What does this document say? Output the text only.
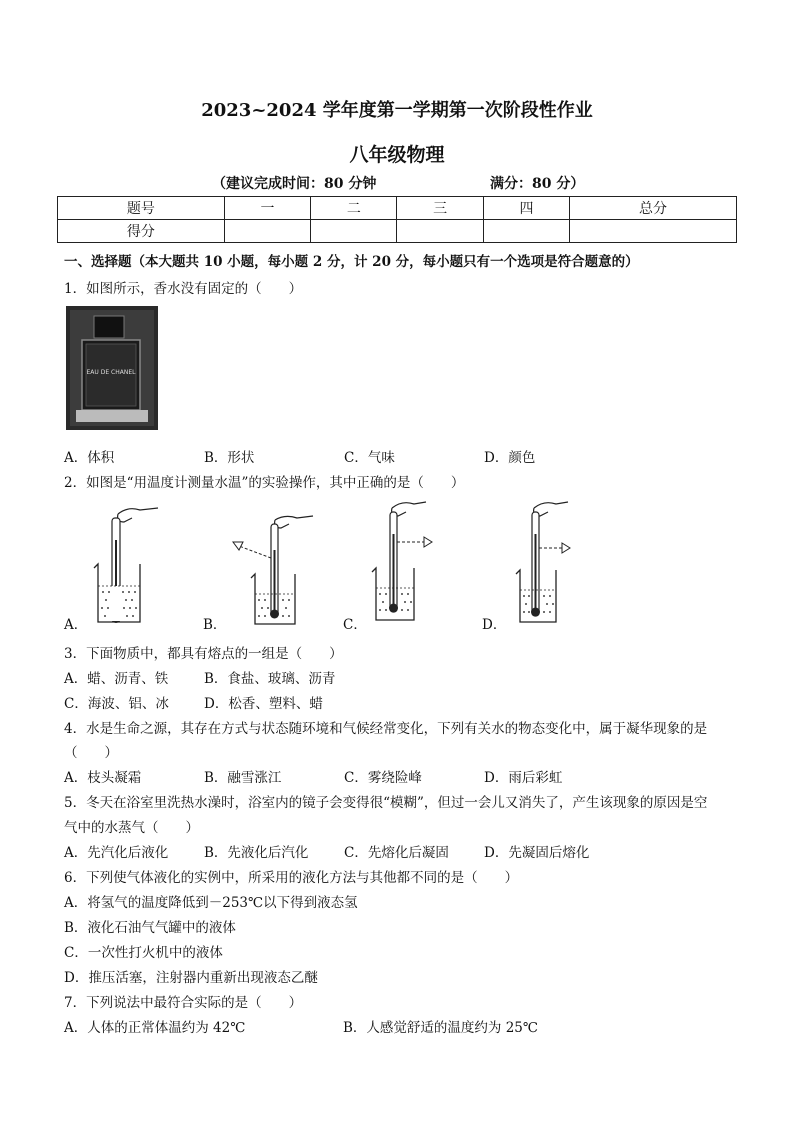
2023~2024 学年度第一学期第一次阶段性作业
八年级物理
（建议完成时间：80 分钟	满分：80 分）
题号	一	二	三	四	总分
得分					
一、选择题（本大题共 10 小题，每小题 2 分，计 20 分，每小题只有一个选项是符合题意的）
1．如图所示，香水没有固定的（　　）
EAU DE CHANEL
A．体积	B．形状	C．气味	D．颜色
2．如图是“用温度计测量水温”的实验操作，其中正确的是（　　）
A．	B．	C．	D．
3．下面物质中，都具有熔点的一组是（　　）
A．蜡、沥青、铁	B．食盐、玻璃、沥青
C．海波、铝、冰	D．松香、塑料、蜡
4．水是生命之源，其存在方式与状态随环境和气候经常变化，下列有关水的物态变化中，属于凝华现象的是
（　　）
A．枝头凝霜	B．融雪涨江	C．雾绕险峰	D．雨后彩虹
5．冬天在浴室里洗热水澡时，浴室内的镜子会变得很“模糊”，但过一会儿又消失了，产生该现象的原因是空
气中的水蒸气（　　）
A．先汽化后液化	B．先液化后汽化	C．先熔化后凝固	D．先凝固后熔化
6．下列使气体液化的实例中，所采用的液化方法与其他都不同的是（　　）
A．将氢气的温度降低到－253℃以下得到液态氢
B．液化石油气气罐中的液体
C．一次性打火机中的液体
D．推压活塞，注射器内重新出现液态乙醚
7．下列说法中最符合实际的是（　　）
A．人体的正常体温约为 42℃	B．人感觉舒适的温度约为 25℃
